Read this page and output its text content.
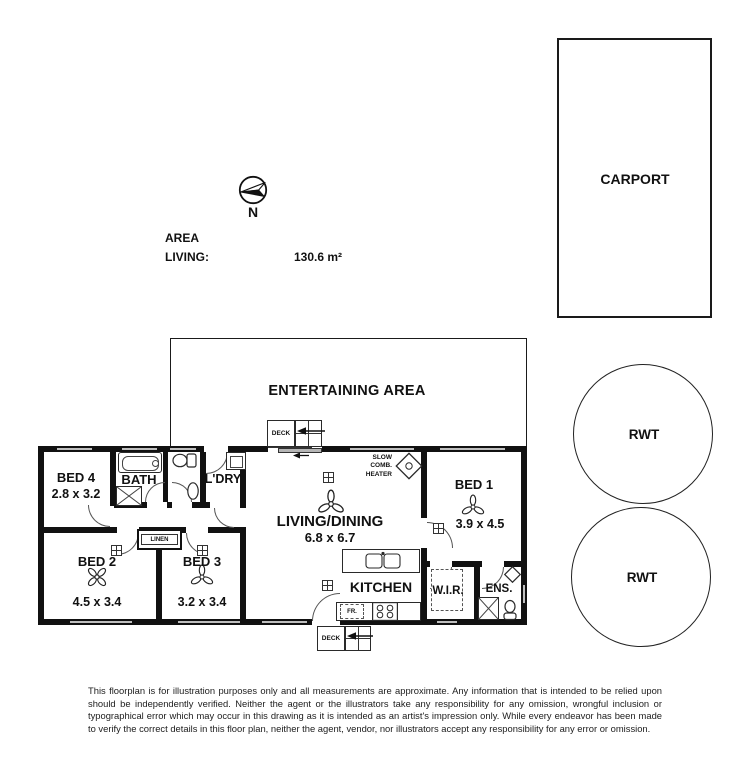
N
AREA
LIVING:	130.6 m²
CARPORT
RWT
RWT
ENTERTAINING AREA
DECK
DECK
LINEN
FR.
SLOW
COMB.
HEATER
BED 4
2.8 x 3.2
BATH	L'DRY	BED 1
3.9 x 4.5
LIVING/DINING
6.8 x 6.7
KITCHEN W.I.R. ENS.
BED 2
4.5 x 3.4
BED 3
3.2 x 3.4
This floorplan is for illustration purposes only and all measurements are approximate. Any information that is intended to be relied upon should be independently verified. Neither the agent or the illustrators take any responsibility for any omission, wrongful inclusion or typographical error which may occur in this drawing as it is intended as an artist's impression only. While every endeavor has been made to verify the correct details in this floor plan, neither the agent, vendor, nor illustrators accept any responsibility for any error or omission.
